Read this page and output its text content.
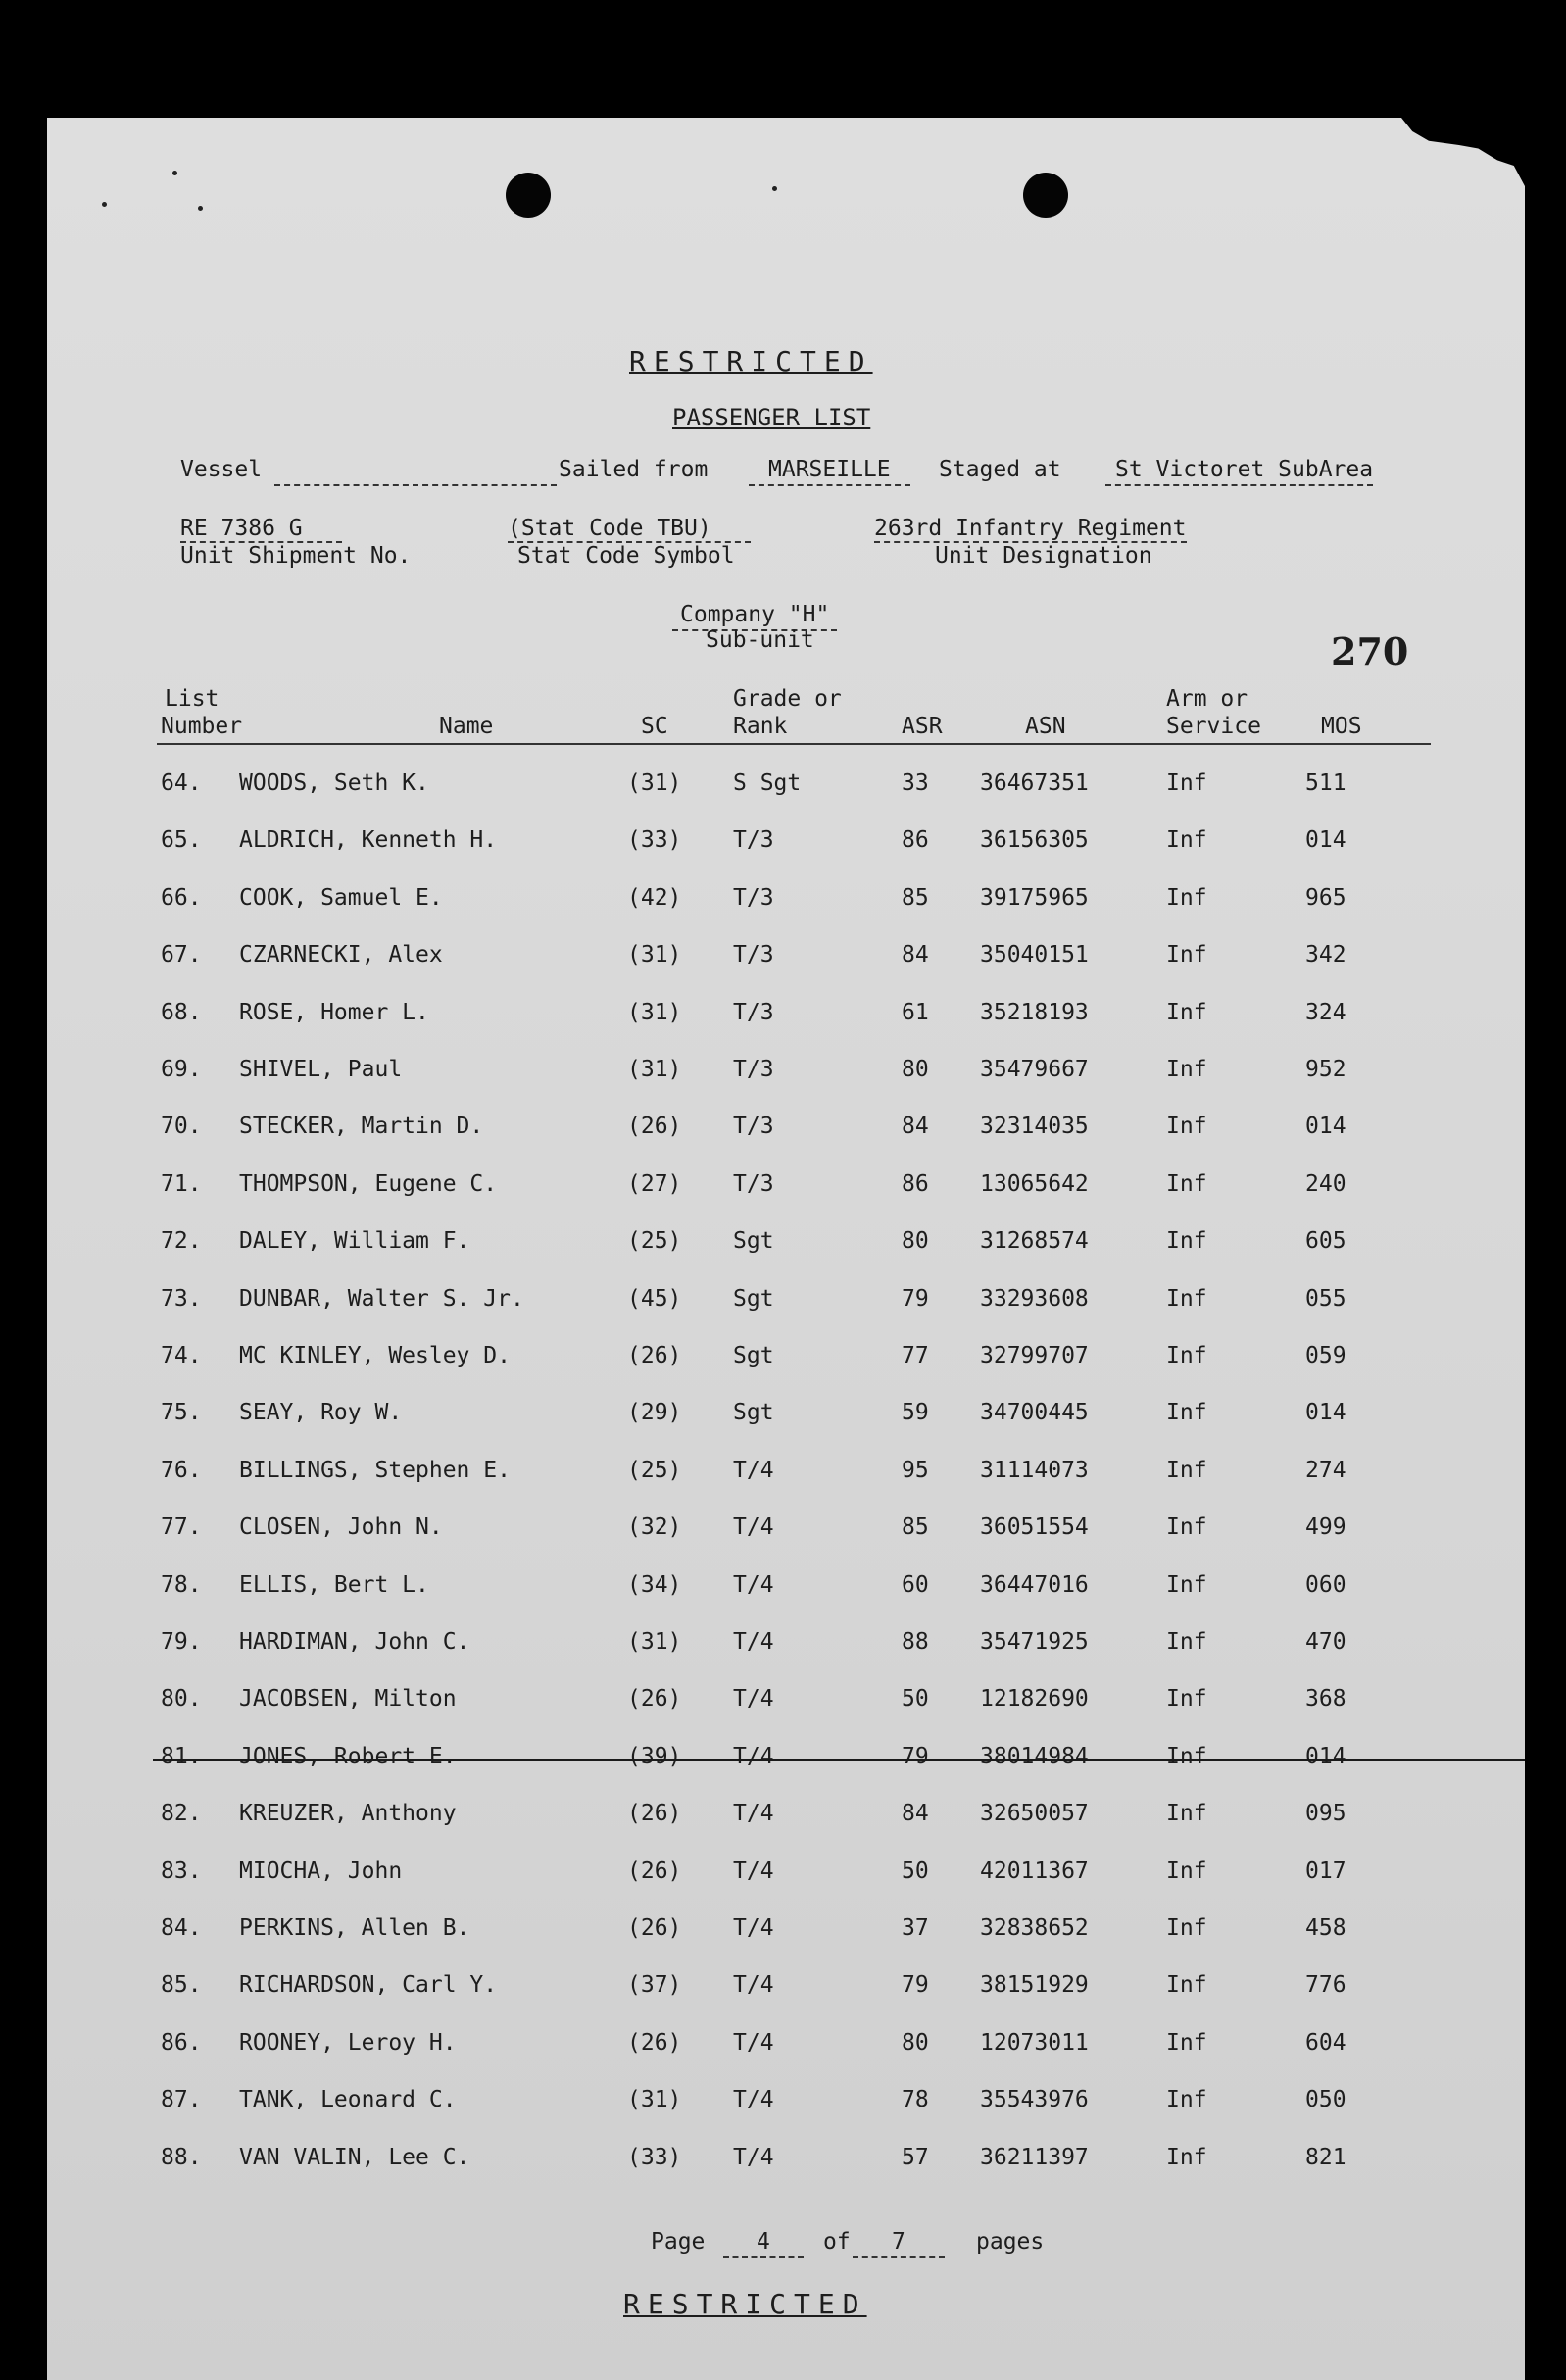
RESTRICTED
PASSENGER LIST
Vessel	Sailed from	MARSEILLE	Staged at	St Victoret SubArea
RE 7386 G
Unit Shipment No.
(Stat Code TBU)
Stat Code Symbol
263rd Infantry Regiment
Unit Designation
Company "H"
Sub-unit	270
List
Number	Name	SC
Grade or
Rank	ASR	ASN
Arm or
Service	MOS
64. WOODS, Seth K.	(31) S Sgt	33 36467351	Inf	511
65. ALDRICH, Kenneth H.	(33) T/3	86 36156305	Inf	014
66. COOK, Samuel E.	(42) T/3	85 39175965	Inf	965
67. CZARNECKI, Alex	(31) T/3	84 35040151	Inf	342
68. ROSE, Homer L.	(31) T/3	61 35218193	Inf	324
69. SHIVEL, Paul	(31) T/3	80 35479667	Inf	952
70. STECKER, Martin D.	(26) T/3	84 32314035	Inf	014
71. THOMPSON, Eugene C.	(27) T/3	86 13065642	Inf	240
72. DALEY, William F.	(25) Sgt	80 31268574	Inf	605
73. DUNBAR, Walter S. Jr.	(45) Sgt	79 33293608	Inf	055
74. MC KINLEY, Wesley D.	(26) Sgt	77 32799707	Inf	059
75. SEAY, Roy W.	(29) Sgt	59 34700445	Inf	014
76. BILLINGS, Stephen E.	(25) T/4	95 31114073	Inf	274
77. CLOSEN, John N.	(32) T/4	85 36051554	Inf	499
78. ELLIS, Bert L.	(34) T/4	60 36447016	Inf	060
79. HARDIMAN, John C.	(31) T/4	88 35471925	Inf	470
80. JACOBSEN, Milton	(26) T/4	50 12182690	Inf	368
81. JONES, Robert E.	(39) T/4	79 38014984	Inf	014
82. KREUZER, Anthony	(26) T/4	84 32650057	Inf	095
83. MIOCHA, John	(26) T/4	50 42011367	Inf	017
84. PERKINS, Allen B.	(26) T/4	37 32838652	Inf	458
85. RICHARDSON, Carl Y.	(37) T/4	79 38151929	Inf	776
86. ROONEY, Leroy H.	(26) T/4	80 12073011	Inf	604
87. TANK, Leonard C.	(31) T/4	78 35543976	Inf	050
88. VAN VALIN, Lee C.	(33) T/4	57 36211397	Inf	821
Page	4	of	7	pages
RESTRICTED
